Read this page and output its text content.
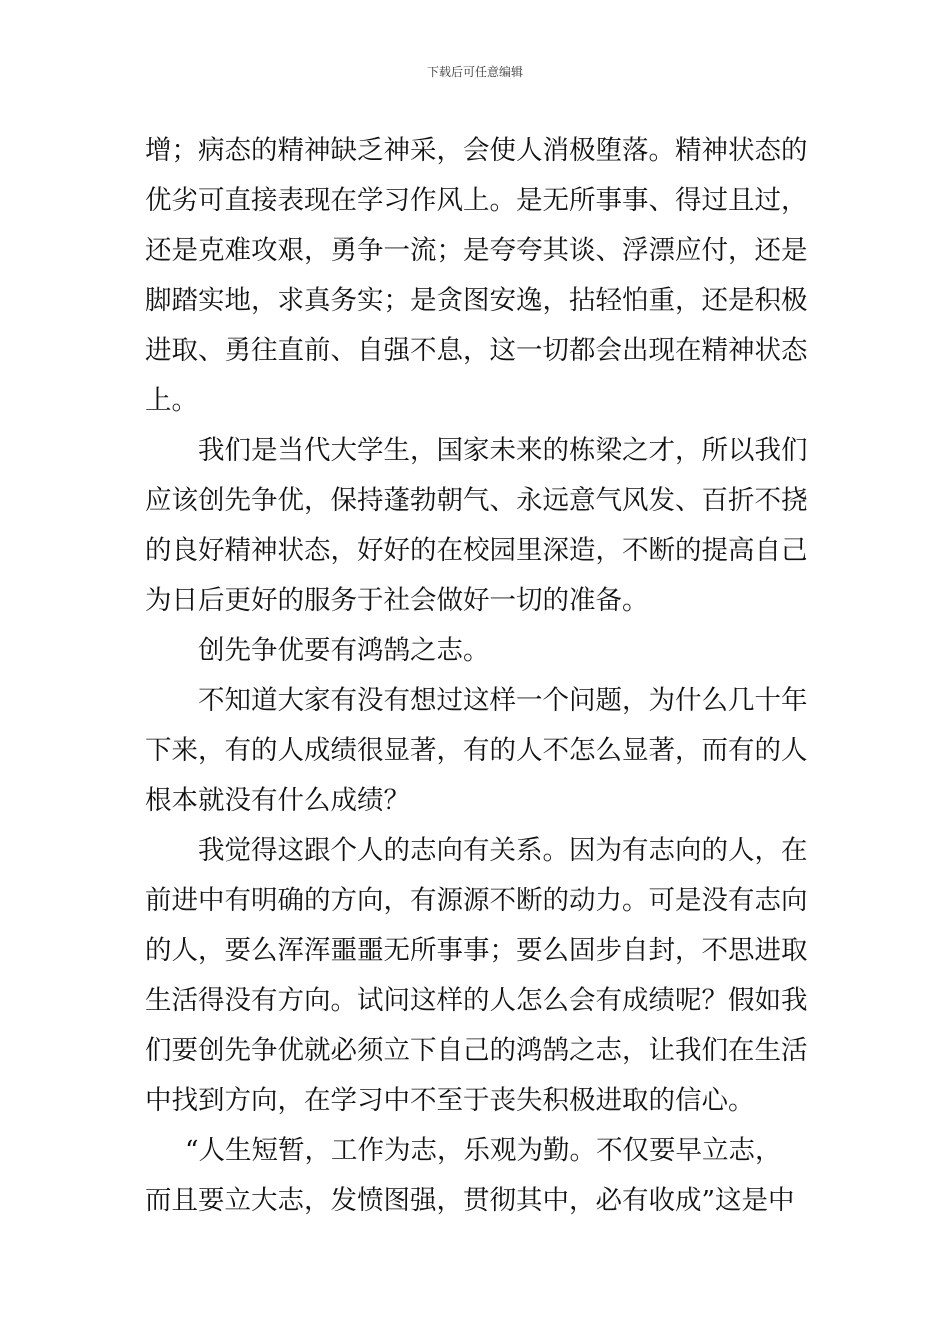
下载后可任意编辑
增；病态的精神缺乏神采，会使人消极堕落。精神状态的
优劣可直接表现在学习作风上。是无所事事、得过且过，
还是克难攻艰，勇争一流；是夸夸其谈、浮漂应付，还是
脚踏实地，求真务实；是贪图安逸，拈轻怕重，还是积极
进取、勇往直前、自强不息，这一切都会出现在精神状态
上。
我们是当代大学生，国家未来的栋梁之才，所以我们
应该创先争优，保持蓬勃朝气、永远意气风发、百折不挠
的良好精神状态，好好的在校园里深造，不断的提高自己
为日后更好的服务于社会做好一切的准备。
创先争优要有鸿鹄之志。
不知道大家有没有想过这样一个问题，为什么几十年
下来，有的人成绩很显著，有的人不怎么显著，而有的人
根本就没有什么成绩？
我觉得这跟个人的志向有关系。因为有志向的人，在
前进中有明确的方向，有源源不断的动力。可是没有志向
的人，要么浑浑噩噩无所事事；要么固步自封，不思进取
生活得没有方向。试问这样的人怎么会有成绩呢？假如我
们要创先争优就必须立下自己的鸿鹄之志，让我们在生活
中找到方向，在学习中不至于丧失积极进取的信心。
“人生短暂，工作为志，乐观为勤。不仅要早立志，
而且要立大志，发愤图强，贯彻其中，必有收成”这是中
